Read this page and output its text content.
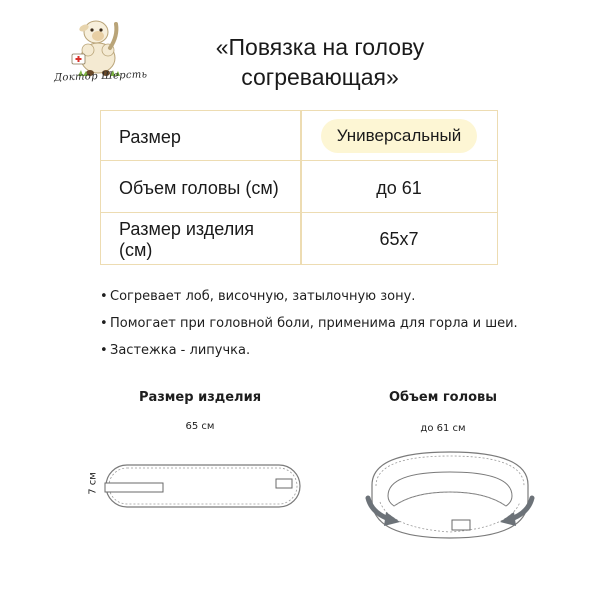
Доктор Шерсть
«Повязка на голову
согревающая»
Размер	Универсальный
Объем головы (см)	до 61
Размер изделия (см)
65х7
• Согревает лоб, височную, затылочную зону.
• Помогает при головной боли, применима для горла и шеи.
• Застежка - липучка.
Размер изделия
65 см
7 см
Объем головы
до 61 см
